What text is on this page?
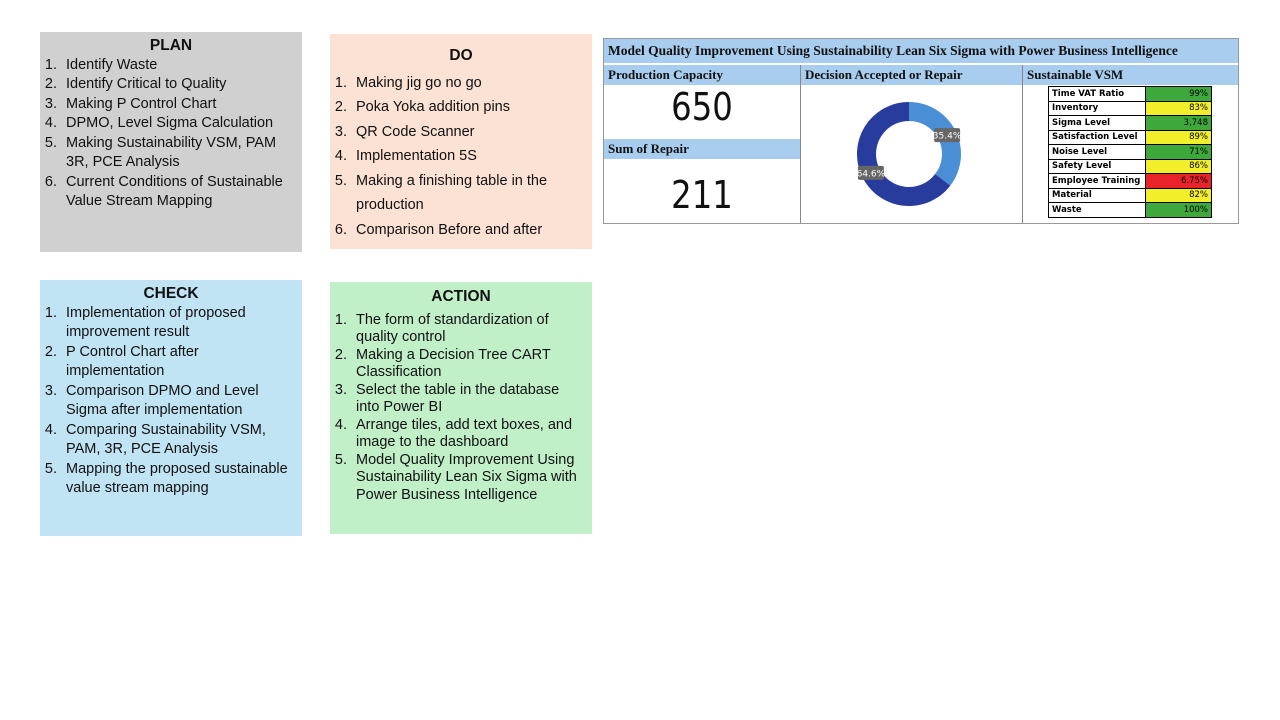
PLAN
1. Identify Waste
2. Identify Critical to Quality
3. Making P Control Chart
4. DPMO, Level Sigma Calculation
5. Making Sustainability VSM, PAM 3R, PCE Analysis
6. Current Conditions of Sustainable Value Stream Mapping
DO
1. Making jig go no go
2. Poka Yoka addition pins
3. QR Code Scanner
4. Implementation 5S
5. Making a finishing table in the production
6. Comparison Before and after
CHECK
1. Implementation of proposed improvement result
2. P Control Chart after implementation
3. Comparison DPMO and Level Sigma after implementation
4. Comparing Sustainability VSM, PAM, 3R, PCE Analysis
5. Mapping the proposed sustainable value stream mapping
ACTION
1. The form of standardization of quality control
2. Making a Decision Tree CART Classification
3. Select the table in the database into Power BI
4. Arrange tiles, add text boxes, and image to the dashboard
5. Model Quality Improvement Using Sustainability Lean Six Sigma with Power Business Intelligence
Model Quality Improvement Using Sustainability Lean Six Sigma with Power Business Intelligence
Production Capacity
650
Sum of Repair
211
Decision Accepted or Repair
35.4%
64.6%
Sustainable VSM
Time VAT Ratio	99%
Inventory	83%
Sigma Level	3,748
Satisfaction Level	89%
Noise Level	71%
Safety Level	86%
Employee Training	6.75%
Material	82%
Waste	100%
